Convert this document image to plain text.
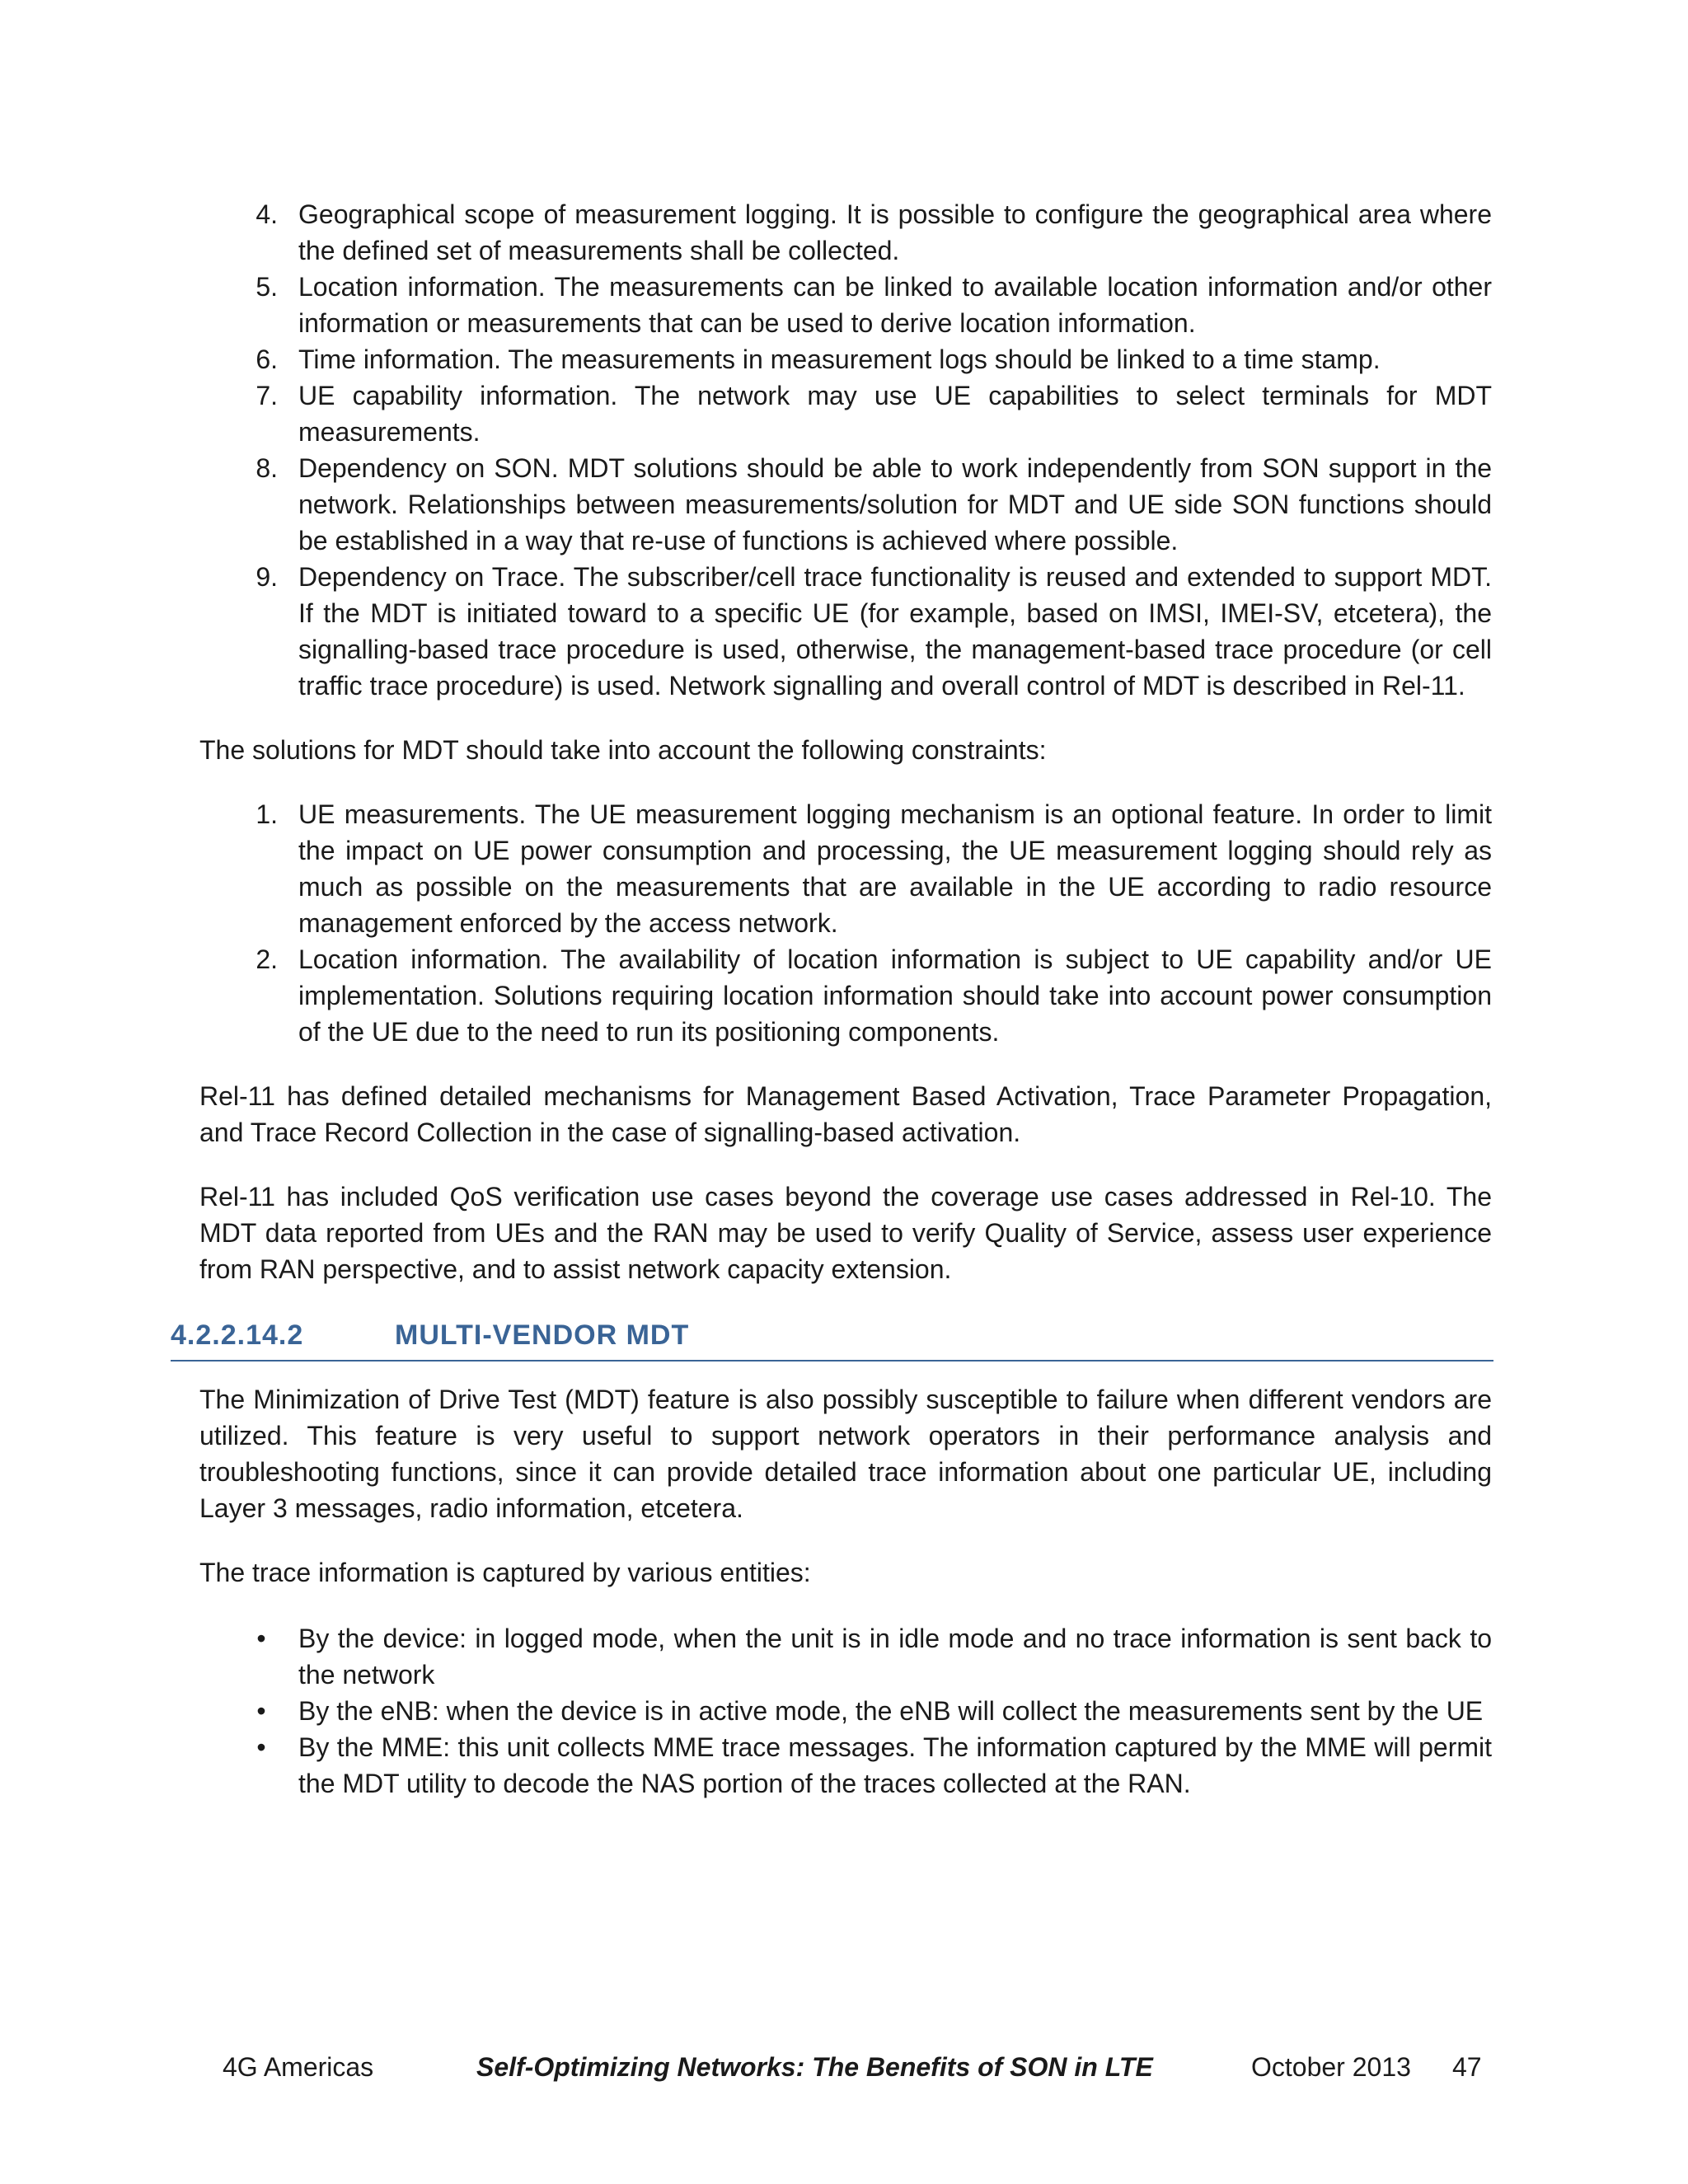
4. Geographical scope of measurement logging. It is possible to configure the geographical area where the defined set of measurements shall be collected.
5. Location information. The measurements can be linked to available location information and/or other information or measurements that can be used to derive location information.
6. Time information. The measurements in measurement logs should be linked to a time stamp.
7. UE capability information. The network may use UE capabilities to select terminals for MDT measurements.
8. Dependency on SON. MDT solutions should be able to work independently from SON support in the network. Relationships between measurements/solution for MDT and UE side SON functions should be established in a way that re-use of functions is achieved where possible.
9. Dependency on Trace. The subscriber/cell trace functionality is reused and extended to support MDT. If the MDT is initiated toward to a specific UE (for example, based on IMSI, IMEI-SV, etcetera), the signalling-based trace procedure is used, otherwise, the management-based trace procedure (or cell traffic trace procedure) is used. Network signalling and overall control of MDT is described in Rel-11.

The solutions for MDT should take into account the following constraints:

1. UE measurements. The UE measurement logging mechanism is an optional feature. In order to limit the impact on UE power consumption and processing, the UE measurement logging should rely as much as possible on the measurements that are available in the UE according to radio resource management enforced by the access network.
2. Location information. The availability of location information is subject to UE capability and/or UE implementation. Solutions requiring location information should take into account power consumption of the UE due to the need to run its positioning components.

Rel-11 has defined detailed mechanisms for Management Based Activation, Trace Parameter Propagation, and Trace Record Collection in the case of signalling-based activation.

Rel-11 has included QoS verification use cases beyond the coverage use cases addressed in Rel-10. The MDT data reported from UEs and the RAN may be used to verify Quality of Service, assess user experience from RAN perspective, and to assist network capacity extension.

4.2.2.14.2	MULTI-VENDOR MDT

The Minimization of Drive Test (MDT) feature is also possibly susceptible to failure when different vendors are utilized. This feature is very useful to support network operators in their performance analysis and troubleshooting functions, since it can provide detailed trace information about one particular UE, including Layer 3 messages, radio information, etcetera.

The trace information is captured by various entities:

• By the device: in logged mode, when the unit is in idle mode and no trace information is sent back to the network
• By the eNB: when the device is in active mode, the eNB will collect the measurements sent by the UE
• By the MME: this unit collects MME trace messages. The information captured by the MME will permit the MDT utility to decode the NAS portion of the traces collected at the RAN.
4G Americas	Self-Optimizing Networks: The Benefits of SON in LTE	October 2013 47
